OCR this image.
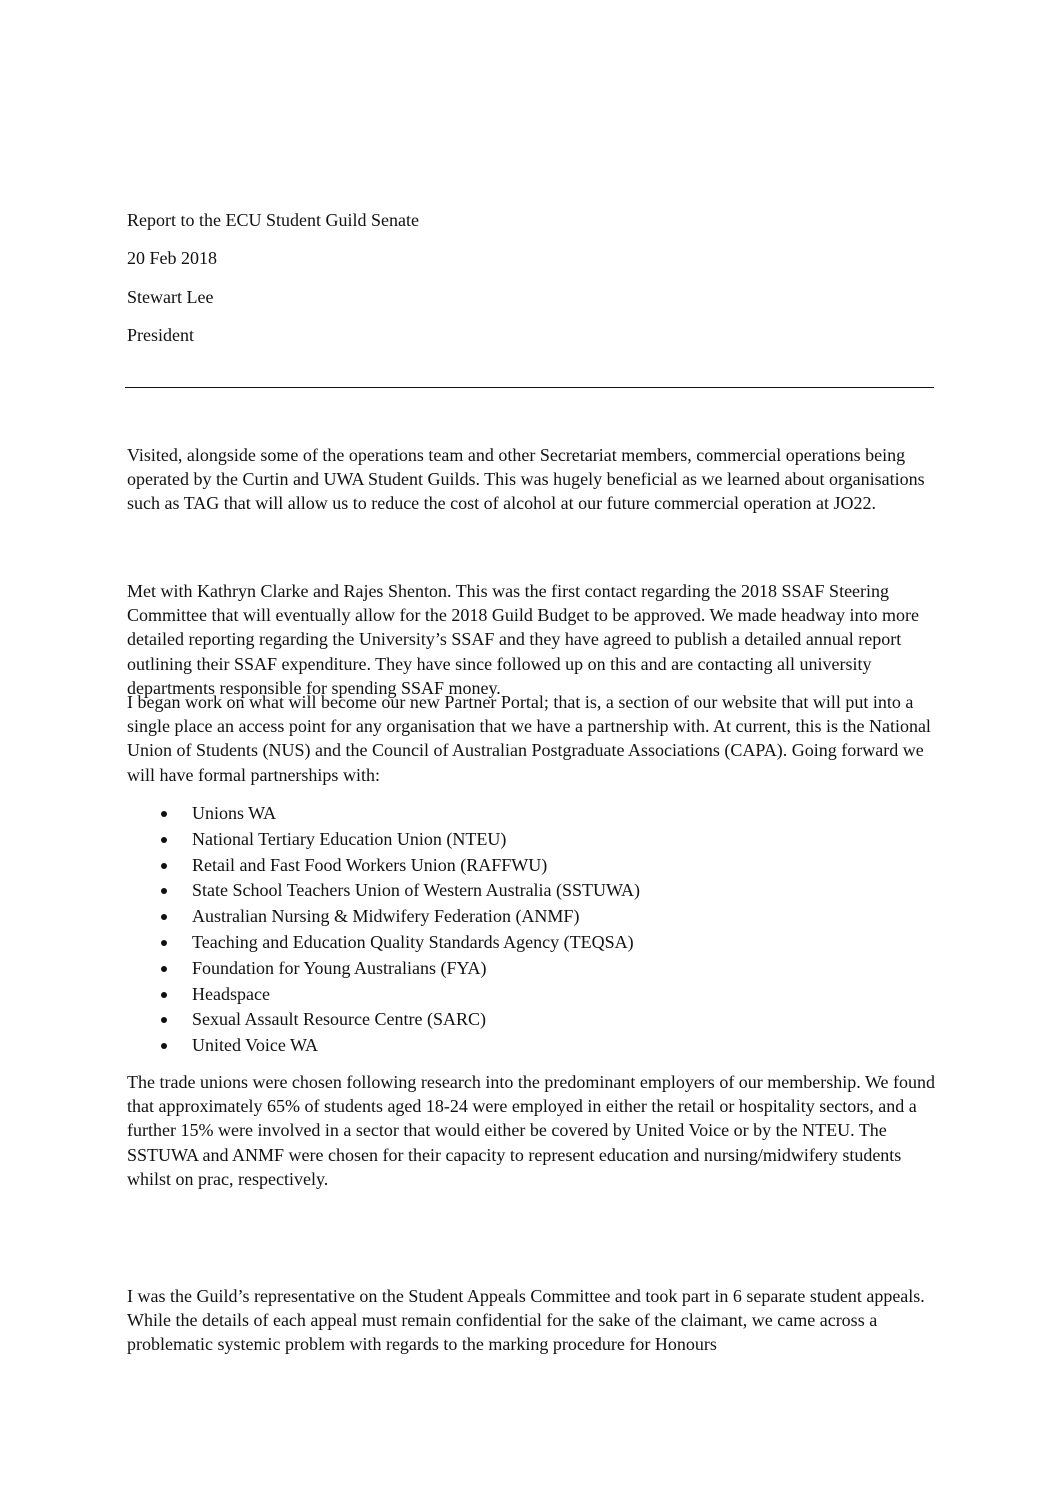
Report to the ECU Student Guild Senate
20 Feb 2018
Stewart Lee
President

Visited, alongside some of the operations team and other Secretariat members, commercial operations being operated by the Curtin and UWA Student Guilds. This was hugely beneficial as we learned about organisations such as TAG that will allow us to reduce the cost of alcohol at our future commercial operation at JO22.

Met with Kathryn Clarke and Rajes Shenton. This was the first contact regarding the 2018 SSAF Steering Committee that will eventually allow for the 2018 Guild Budget to be approved. We made headway into more detailed reporting regarding the University’s SSAF and they have agreed to publish a detailed annual report outlining their SSAF expenditure. They have since followed up on this and are contacting all university departments responsible for spending SSAF money.

I began work on what will become our new Partner Portal; that is, a section of our website that will put into a single place an access point for any organisation that we have a partnership with. At current, this is the National Union of Students (NUS) and the Council of Australian Postgraduate Associations (CAPA). Going forward we will have formal partnerships with:

Unions WA
National Tertiary Education Union (NTEU)
Retail and Fast Food Workers Union (RAFFWU)
State School Teachers Union of Western Australia (SSTUWA)
Australian Nursing & Midwifery Federation (ANMF)
Teaching and Education Quality Standards Agency (TEQSA)
Foundation for Young Australians (FYA)
Headspace
Sexual Assault Resource Centre (SARC)
United Voice WA

The trade unions were chosen following research into the predominant employers of our membership. We found that approximately 65% of students aged 18-24 were employed in either the retail or hospitality sectors, and a further 15% were involved in a sector that would either be covered by United Voice or by the NTEU. The SSTUWA and ANMF were chosen for their capacity to represent education and nursing/midwifery students whilst on prac, respectively.

I was the Guild’s representative on the Student Appeals Committee and took part in 6 separate student appeals. While the details of each appeal must remain confidential for the sake of the claimant, we came across a problematic systemic problem with regards to the marking procedure for Honours
